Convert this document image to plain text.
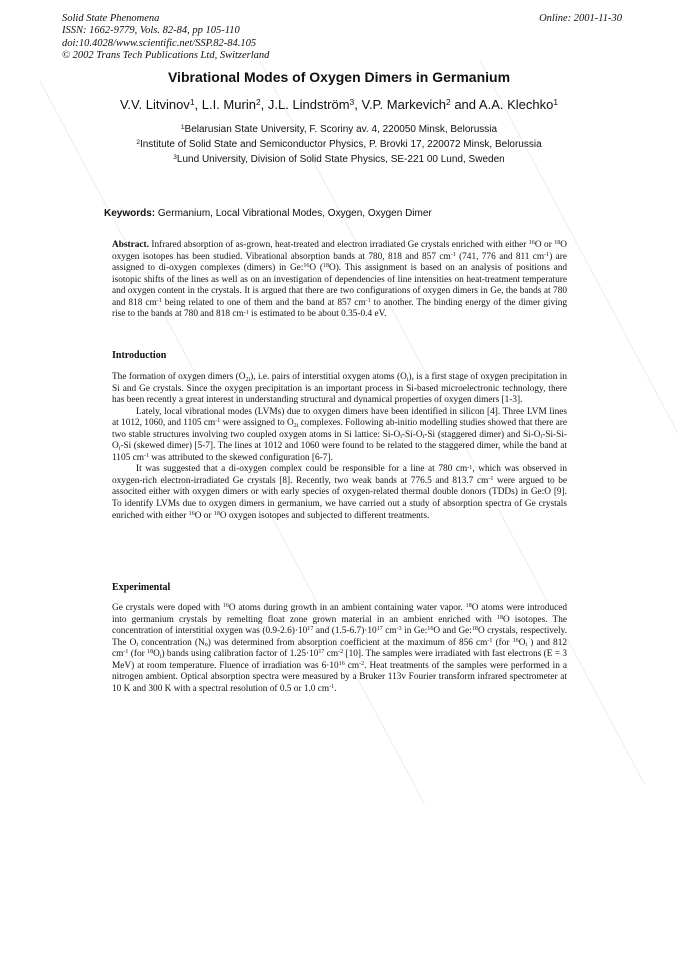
Solid State Phenomena
ISSN: 1662-9779, Vols. 82-84, pp 105-110
doi:10.4028/www.scientific.net/SSP.82-84.105
© 2002 Trans Tech Publications Ltd, Switzerland
Online: 2001-11-30
Vibrational Modes of Oxygen Dimers in Germanium
V.V. Litvinov$^1$, L.I. Murin$^2$, J.L. Lindström$^3$, V.P. Markevich$^2$ and A.A. Klechko$^1$
$^1$Belarusian State University, F. Scoriny av. 4, 220050 Minsk, Belorussia
$^2$Institute of Solid State and Semiconductor Physics, P. Brovki 17, 220072 Minsk, Belorussia
$^3$Lund University, Division of Solid State Physics, SE-221 00 Lund, Sweden
Keywords: Germanium, Local Vibrational Modes, Oxygen, Oxygen Dimer

Abstract. Infrared absorption of as-grown, heat-treated and electron irradiated Ge crystals enriched with either $^{16}$O or $^{18}$O oxygen isotopes has been studied. Vibrational absorption bands at 780, 818 and 857 $cm^{-1}$ (741, 776 and 811 $cm^{-1}$) are assigned to di-oxygen complexes (dimers) in Ge:$^{16}$O ($^{18}$O). This assignment is based on an analysis of positions and isotopic shifts of the lines as well as on an investigation of dependencies of line intensities on heat-treatment temperature and oxygen content in the crystals. It is argued that there are two configurations of oxygen dimers in Ge, the bands at 780 and 818 $cm^{-1}$ being related to one of them and the band at 857 $cm^{-1}$ to another. The binding energy of the dimer giving rise to the bands at 780 and 818 $cm^{-1}$ is estimated to be about 0.35-0.4 eV.

Introduction

The formation of oxygen dimers $(O_{2i})$, i.e. pairs of interstitial oxygen atoms $(O_i)$, is a first stage of oxygen precipitation in Si and Ge crystals. Since the oxygen precipitation is an important process in Si-based microelectronic technology, there has been recently a great interest in understanding structural and dynamical properties of oxygen dimers [1-3].

Lately, local vibrational modes (LVMs) due to oxygen dimers have been identified in silicon [4]. Three LVM lines at 1012, 1060, and 1105 $cm^{-1}$ were assigned to $O_{2i}$ complexes. Following ab-initio modelling studies showed that there are two stable structures involving two coupled oxygen atoms in Si lattice: $Si-O_i-Si-O_i-Si$ (staggered dimer) and $Si-O_i-Si-Si-O_i-Si$ (skewed dimer) [5-7]. The lines at 1012 and 1060 were found to be related to the staggered dimer, while the band at 1105 $cm^{-1}$ was attributed to the skewed configuration [6-7].

It was suggested that a di-oxygen complex could be responsible for a line at 780 $cm^{-1}$, which was observed in oxygen-rich electron-irradiated Ge crystals [8]. Recently, two weak bands at 776.5 and 813.7 $cm^{-1}$ were argued to be associted either with oxygen dimers or with early species of oxygen-related thermal double donors (TDDs) in Ge:O [9]. To identify LVMs due to oxygen dimers in germanium, we have carried out a study of absorption spectra of Ge crystals enriched with either $^{16}$O or $^{18}$O oxygen isotopes and subjected to different treatments.

Experimental

Ge crystals were doped with $^{16}$O atoms during growth in an ambient containing water vapor. $^{18}$O atoms were introduced into germanium crystals by remelting float zone grown material in an ambient enriched with $^{18}$O isotopes. The concentration of interstitial oxygen was $(0.9-2.6)\cdot 10^{17}$ and $(1.5-6.7)\cdot 10^{17}$ $cm^{-3}$ in Ge:$^{16}$O and Ge:$^{18}$O crystals, respectively. The $O_i$ concentration $(N_o)$ was determined from absorption coefficient at the maximum of 856 $cm^{-1}$ (for $^{16}O_i$ ) and 812 $cm^{-1}$ (for $^{18}O_i$) bands using calibration factor of $1.25\cdot 10^{17}$ $cm^{-2}$ [10]. The samples were irradiated with fast electrons (E = 3 MeV) at room temperature. Fluence of irradiation was $6\cdot 10^{16}$ $cm^{-2}$. Heat treatments of the samples were performed in a nitrogen ambient. Optical absorption spectra were measured by a Bruker 113v Fourier transform infrared spectrometer at 10 K and 300 K with a spectral resolution of 0.5 or 1.0 $cm^{-1}$.
